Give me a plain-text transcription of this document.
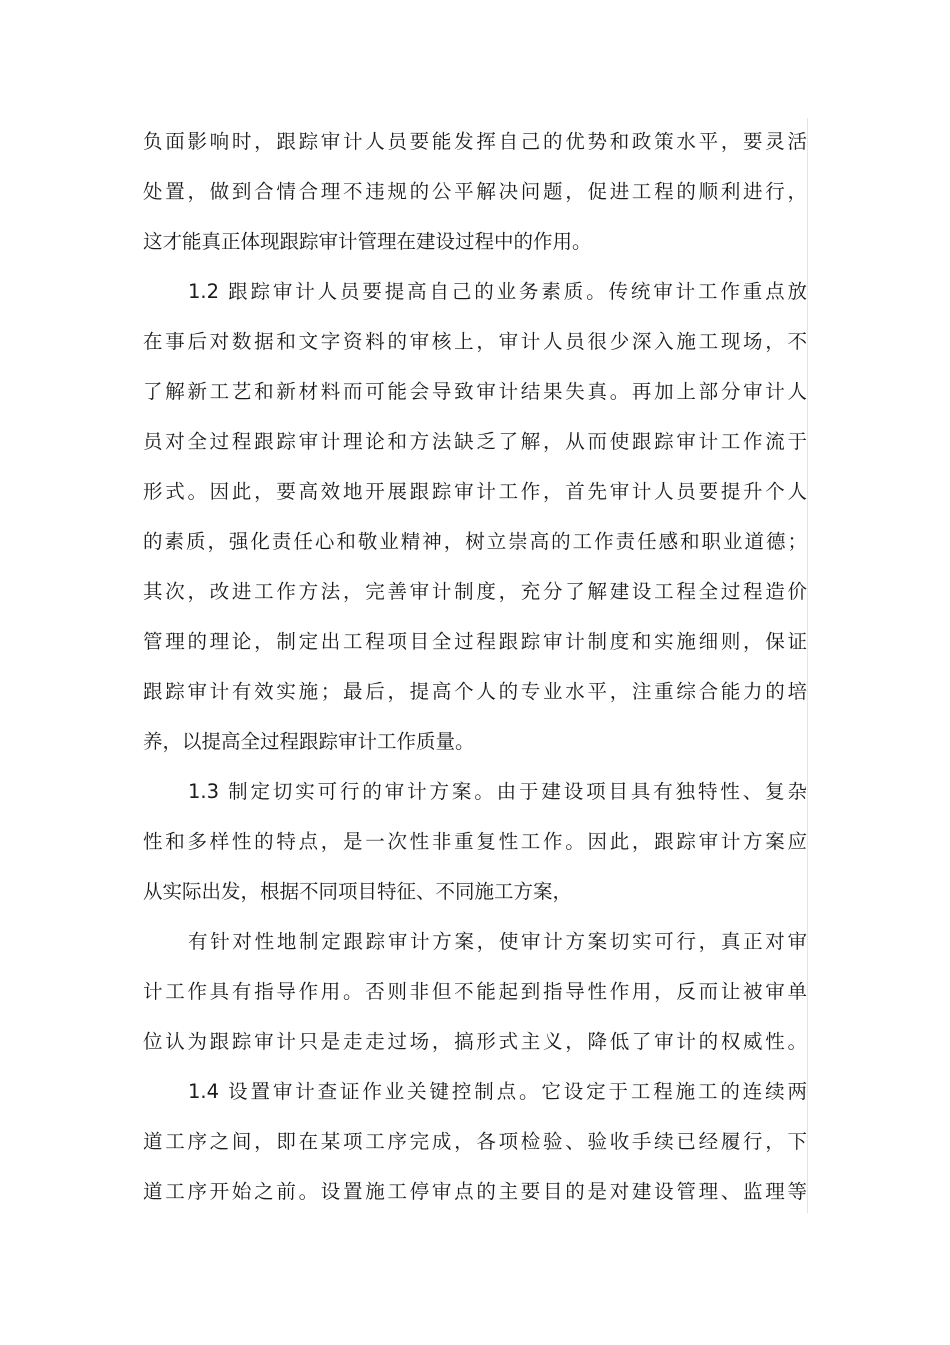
负面影响时，跟踪审计人员要能发挥自己的优势和政策水平，要灵活
处置，做到合情合理不违规的公平解决问题，促进工程的顺利进行，
这才能真正体现跟踪审计管理在建设过程中的作用。
1.2 跟踪审计人员要提高自己的业务素质。传统审计工作重点放
在事后对数据和文字资料的审核上，审计人员很少深入施工现场，不
了解新工艺和新材料而可能会导致审计结果失真。再加上部分审计人
员对全过程跟踪审计理论和方法缺乏了解，从而使跟踪审计工作流于
形式。因此，要高效地开展跟踪审计工作，首先审计人员要提升个人
的素质，强化责任心和敬业精神，树立崇高的工作责任感和职业道德；
其次，改进工作方法，完善审计制度，充分了解建设工程全过程造价
管理的理论，制定出工程项目全过程跟踪审计制度和实施细则，保证
跟踪审计有效实施；最后，提高个人的专业水平，注重综合能力的培
养，以提高全过程跟踪审计工作质量。
1.3 制定切实可行的审计方案。由于建设项目具有独特性、复杂
性和多样性的特点，是一次性非重复性工作。因此，跟踪审计方案应
从实际出发，根据不同项目特征、不同施工方案，
有针对性地制定跟踪审计方案，使审计方案切实可行，真正对审
计工作具有指导作用。否则非但不能起到指导性作用，反而让被审单
位认为跟踪审计只是走走过场，搞形式主义，降低了审计的权威性。
1.4 设置审计查证作业关键控制点。它设定于工程施工的连续两
道工序之间，即在某项工序完成，各项检验、验收手续已经履行，下
道工序开始之前。设置施工停审点的主要目的是对建设管理、监理等
